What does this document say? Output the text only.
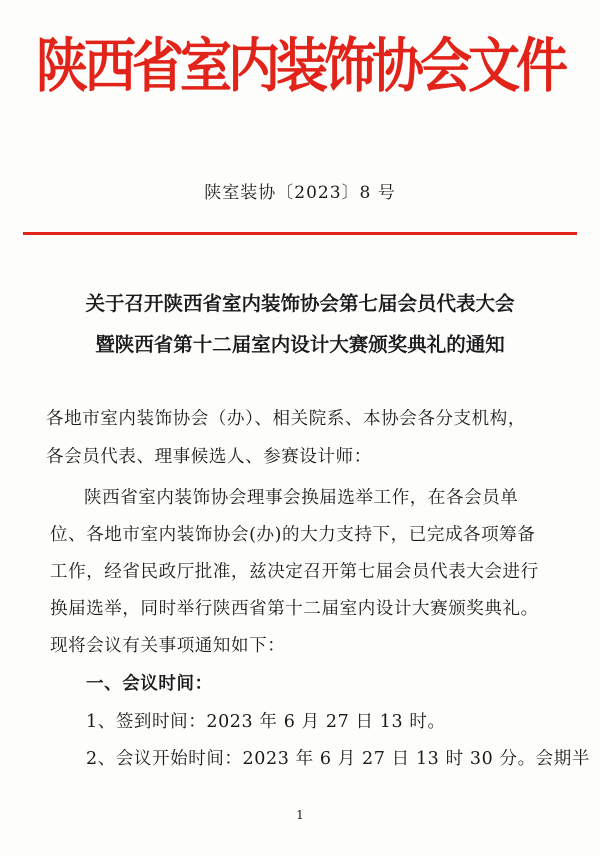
陕西省室内装饰协会文件
陕室装协〔2023〕8 号
关于召开陕西省室内装饰协会第七届会员代表大会
暨陕西省第十二届室内设计大赛颁奖典礼的通知
各地市室内装饰协会（办）、相关院系、本协会各分支机构，
各会员代表、理事候选人、参赛设计师：
陕西省室内装饰协会理事会换届选举工作，在各会员单
位、各地市室内装饰协会(办)的大力支持下，已完成各项筹备
工作，经省民政厅批准，兹决定召开第七届会员代表大会进行
换届选举，同时举行陕西省第十二届室内设计大赛颁奖典礼。
现将会议有关事项通知如下：
一、会议时间：
1、签到时间：2023 年 6 月 27 日 13 时。
2、会议开始时间：2023 年 6 月 27 日 13 时 30 分。会期半
1
